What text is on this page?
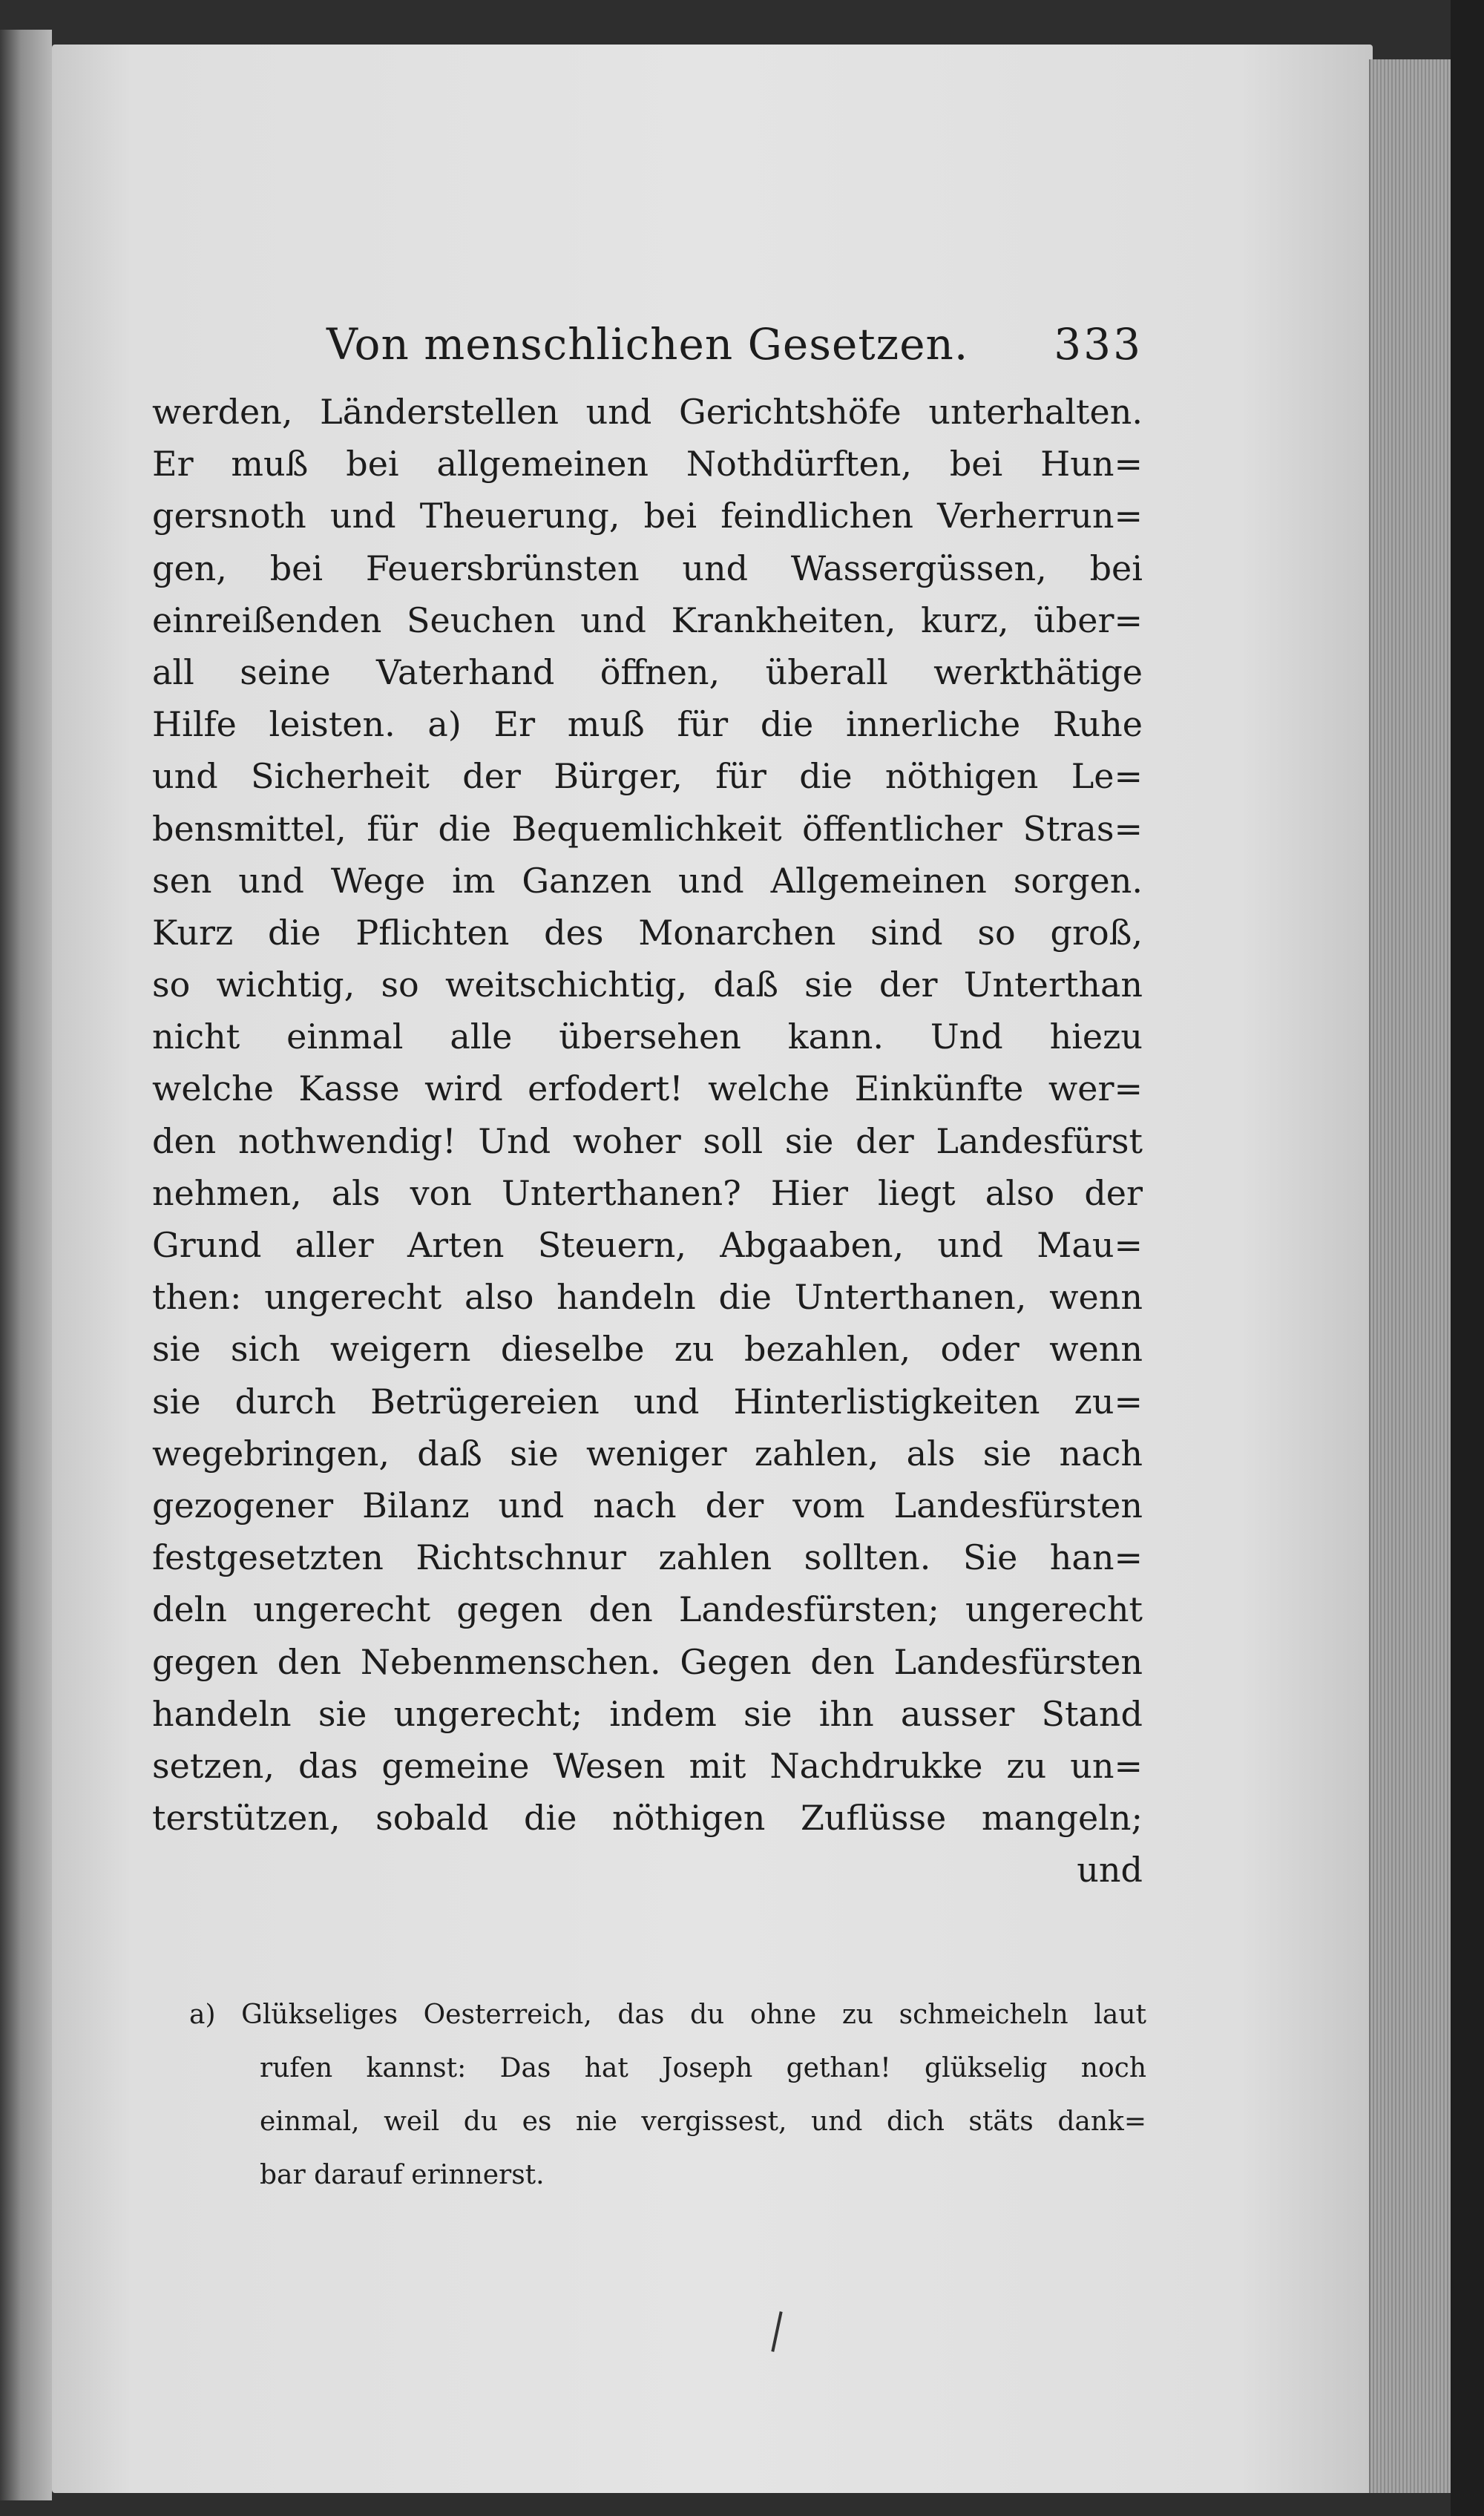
Von menschlichen Gesetzen. 333
werden, Länderstellen und Gerichtshöfe unterhalten.
Er muß bei allgemeinen Nothdürften, bei Hun=
gersnoth und Theuerung, bei feindlichen Verherrun=
gen, bei Feuersbrünsten und Wassergüssen, bei
einreißenden Seuchen und Krankheiten, kurz, über=
all seine Vaterhand öffnen, überall werkthätige
Hilfe leisten. a) Er muß für die innerliche Ruhe
und Sicherheit der Bürger, für die nöthigen Le=
bensmittel, für die Bequemlichkeit öffentlicher Stras=
sen und Wege im Ganzen und Allgemeinen sorgen.
Kurz die Pflichten des Monarchen sind so groß,
so wichtig, so weitschichtig, daß sie der Unterthan
nicht einmal alle übersehen kann. Und hiezu
welche Kasse wird erfodert! welche Einkünfte wer=
den nothwendig! Und woher soll sie der Landesfürst
nehmen, als von Unterthanen? Hier liegt also der
Grund aller Arten Steuern, Abgaaben, und Mau=
then: ungerecht also handeln die Unterthanen, wenn
sie sich weigern dieselbe zu bezahlen, oder wenn
sie durch Betrügereien und Hinterlistigkeiten zu=
wegebringen, daß sie weniger zahlen, als sie nach
gezogener Bilanz und nach der vom Landesfürsten
festgesetzten Richtschnur zahlen sollten. Sie han=
deln ungerecht gegen den Landesfürsten; ungerecht
gegen den Nebenmenschen. Gegen den Landesfürsten
handeln sie ungerecht; indem sie ihn ausser Stand
setzen, das gemeine Wesen mit Nachdrukke zu un=
terstützen, sobald die nöthigen Zuflüsse mangeln;
und
a) Glükseliges Oesterreich, das du ohne zu schmeicheln laut
rufen kannst: Das hat Joseph gethan! glükselig noch
einmal, weil du es nie vergissest, und dich stäts dank=
bar darauf erinnerst.
